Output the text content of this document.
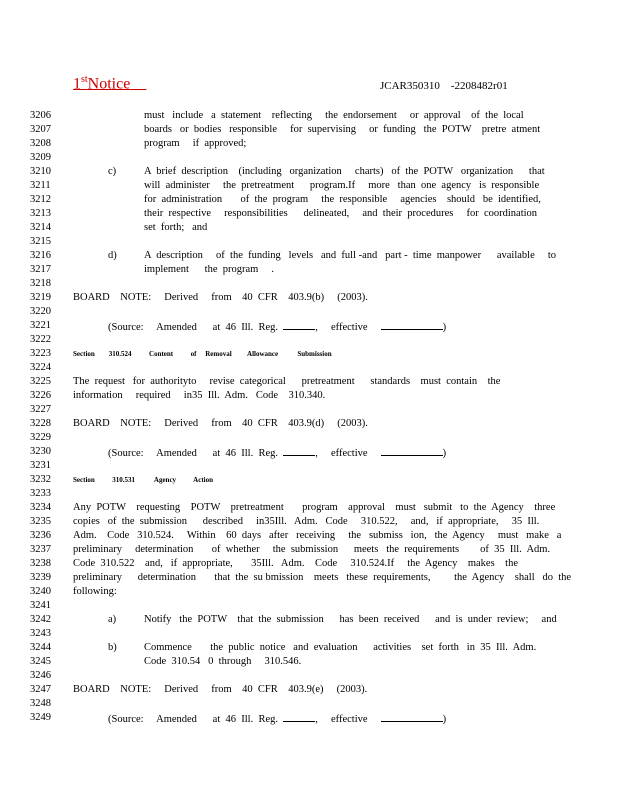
1stNotice	JCAR350310    -2208482r01
3206
3207
3208
3209
3210
3211
3212
3213
3214
3215
3216
3217
3218
3219
3220
3221
3222
3223
3224
3225
3226
3227
3228
3229
3230
3231
3232
3233
3234
3235
3236
3237
3238
3239
3240
3241
3242
3243
3244
3245
3246
3247
3248
3249
must   include   a  statement    reflecting     the  endorsement     or  approval    of  the  local
boards   or  bodies   responsible     for  supervising     or  funding   the  POTW    pretre  atment
program     if  approved;
c)	A  brief  description    (including   organization     charts)   of  the  POTW   organization      that
will  administer     the  pretreatment      program.If     more   than  one  agency   is  responsible
for  administration       of  the  program     the  responsible     agencies    should   be  identified,
their  respective     responsibilities      delineated,     and  their  procedures     for  coordination
set  forth;   and
d)	A  description     of  the  funding   levels   and  full -and   part -  time  manpower      available     to
implement      the  program     .
BOARD    NOTE:     Derived     from    40  CFR    403.9(b)     (2003).
(Source:     Amended      at  46  Ill.  Reg.	,     effective	)
Section        310.524          Content          of     Removal         Allowance           Submission
The  request   for  authorityto     revise  categorical      pretreatment      standards    must  contain    the
information     required     in35  Ill.  Adm.   Code    310.340.
BOARD    NOTE:     Derived     from    40  CFR    403.9(d)     (2003).
(Source:     Amended      at  46  Ill.  Reg.	,     effective	)
Section          310.531           Agency          Action
Any  POTW    requesting    POTW    pretreatment       program    approval    must   submit   to  the  Agency    three
copies   of  the  submission      described     in35Ill.   Adm.   Code     310.522,     and,   if  appropriate,     35  Ill.
Adm.    Code   310.524.     Within    60  days   after   receiving     the   submiss   ion,   the  Agency     must   make   a
preliminary     determination       of  whether     the  submission      meets   the  requirements        of  35  Ill.  Adm.
Code  310.522    and,   if  appropriate,       35Ill.   Adm.    Code     310.524.If     the  Agency    makes    the
preliminary      determination       that  the  su bmission    meets   these  requirements,         the  Agency    shall   do  the
following:
a)	Notify   the  POTW    that  the  submission      has  been  received      and  is  under  review;     and
b)	Commence       the  public  notice   and  evaluation      activities    set  forth   in  35  Ill.  Adm.
Code  310.54   0  through     310.546.
BOARD    NOTE:     Derived     from    40  CFR    403.9(e)     (2003).
(Source:     Amended      at  46  Ill.  Reg.	,     effective	)
